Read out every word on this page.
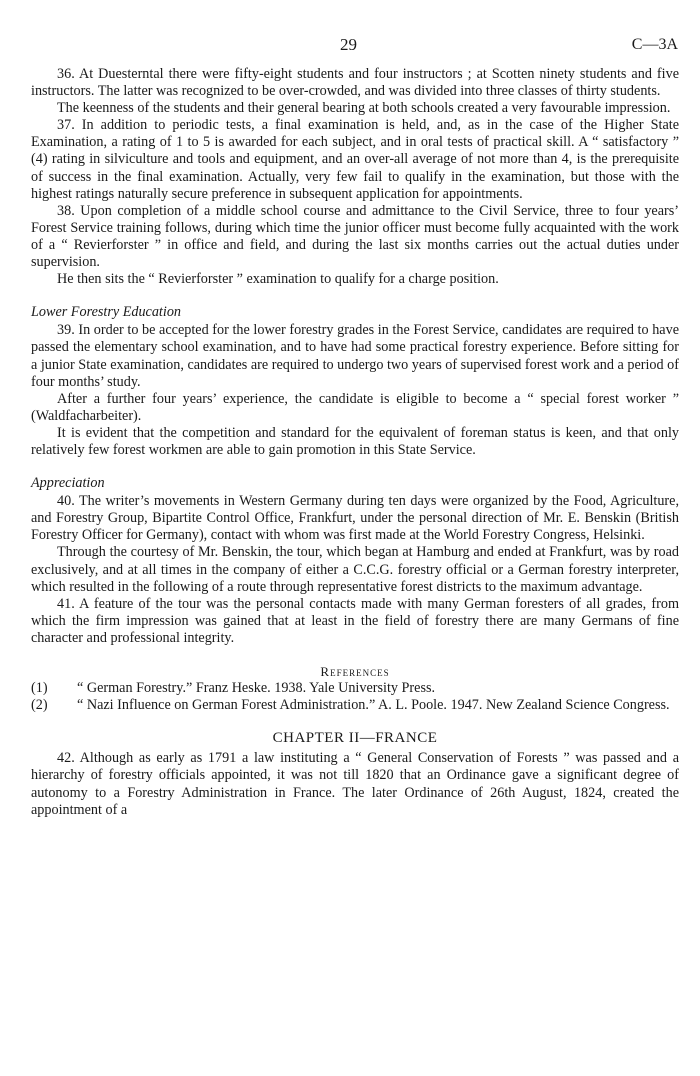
29	C—3A

36. At Duesterntal there were fifty-eight students and four instructors ; at Scotten ninety students and five instructors. The latter was recognized to be over-crowded, and was divided into three classes of thirty students.

The keenness of the students and their general bearing at both schools created a very favourable impression.

37. In addition to periodic tests, a final examination is held, and, as in the case of the Higher State Examination, a rating of 1 to 5 is awarded for each subject, and in oral tests of practical skill. A “ satisfactory ” (4) rating in silviculture and tools and equipment, and an over-all average of not more than 4, is the prerequisite of success in the final examination. Actually, very few fail to qualify in the examination, but those with the highest ratings naturally secure preference in subsequent application for appointments.

38. Upon completion of a middle school course and admittance to the Civil Service, three to four years’ Forest Service training follows, during which time the junior officer must become fully acquainted with the work of a “ Revierforster ” in office and field, and during the last six months carries out the actual duties under supervision.

He then sits the “ Revierforster ” examination to qualify for a charge position.

Lower Forestry Education

39. In order to be accepted for the lower forestry grades in the Forest Service, candidates are required to have passed the elementary school examination, and to have had some practical forestry experience. Before sitting for a junior State examination, candidates are required to undergo two years of supervised forest work and a period of four months’ study.

After a further four years’ experience, the candidate is eligible to become a “ special forest worker ” (Waldfacharbeiter).

It is evident that the competition and standard for the equivalent of foreman status is keen, and that only relatively few forest workmen are able to gain promotion in this State Service.

Appreciation

40. The writer’s movements in Western Germany during ten days were organized by the Food, Agriculture, and Forestry Group, Bipartite Control Office, Frankfurt, under the personal direction of Mr. E. Benskin (British Forestry Officer for Germany), contact with whom was first made at the World Forestry Congress, Helsinki.

Through the courtesy of Mr. Benskin, the tour, which began at Hamburg and ended at Frankfurt, was by road exclusively, and at all times in the company of either a C.C.G. forestry official or a German forestry interpreter, which resulted in the following of a route through representative forest districts to the maximum advantage.

41. A feature of the tour was the personal contacts made with many German foresters of all grades, from which the firm impression was gained that at least in the field of forestry there are many Germans of fine character and professional integrity.

References

(1) “ German Forestry.” Franz Heske. 1938. Yale University Press.

(2) “ Nazi Influence on German Forest Administration.” A. L. Poole. 1947. New Zealand Science Congress.

CHAPTER II—FRANCE

42. Although as early as 1791 a law instituting a “ General Conservation of Forests ” was passed and a hierarchy of forestry officials appointed, it was not till 1820 that an Ordinance gave a significant degree of autonomy to a Forestry Administration in France. The later Ordinance of 26th August, 1824, created the appointment of a
